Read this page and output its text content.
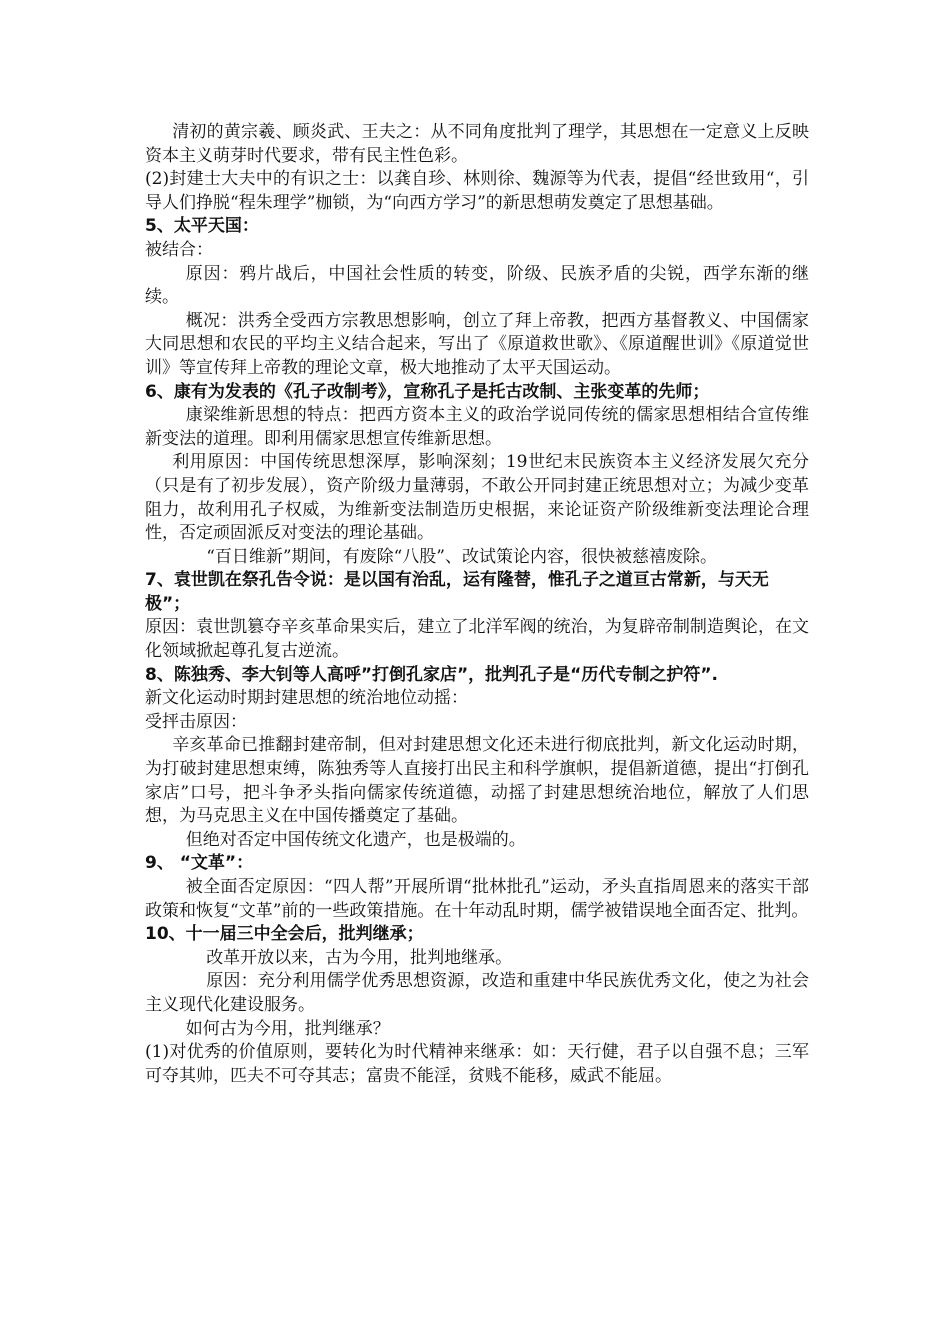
清初的黄宗羲、顾炎武、王夫之：从不同角度批判了理学，其思想在一定意义上反映资本主义萌芽时代要求，带有民主性色彩。

(2)封建士大夫中的有识之士：以龚自珍、林则徐、魏源等为代表，提倡“经世致用“，引导人们挣脱“程朱理学”枷锁，为“向西方学习”的新思想萌发奠定了思想基础。

5、太平天国：

被结合：

原因：鸦片战后，中国社会性质的转变，阶级、民族矛盾的尖锐，西学东渐的继续。

概况：洪秀全受西方宗教思想影响，创立了拜上帝教，把西方基督教义、中国儒家大同思想和农民的平均主义结合起来，写出了《原道救世歌》、《原道醒世训》《原道觉世训》等宣传拜上帝教的理论文章，极大地推动了太平天国运动。

6、康有为发表的《孔子改制考》，宣称孔子是托古改制、主张变革的先师；

康梁维新思想的特点：把西方资本主义的政治学说同传统的儒家思想相结合宣传维新变法的道理。即利用儒家思想宣传维新思想。

利用原因：中国传统思想深厚，影响深刻；19世纪末民族资本主义经济发展欠充分（只是有了初步发展），资产阶级力量薄弱，不敢公开同封建正统思想对立；为减少变革阻力，故利用孔子权威，为维新变法制造历史根据，来论证资产阶级维新变法理论合理性，否定顽固派反对变法的理论基础。

“百日维新”期间，有废除“八股”、改试策论内容，很快被慈禧废除。

7、袁世凯在祭孔告令说：是以国有治乱，运有隆替，惟孔子之道亘古常新，与天无极”；

原因：袁世凯篡夺辛亥革命果实后，建立了北洋军阀的统治，为复辟帝制制造舆论，在文化领域掀起尊孔复古逆流。

8、陈独秀、李大钊等人高呼”打倒孔家店”，批判孔子是“历代专制之护符”.

新文化运动时期封建思想的统治地位动摇：

受抨击原因：

辛亥革命已推翻封建帝制，但对封建思想文化还未进行彻底批判，新文化运动时期，为打破封建思想束缚，陈独秀等人直接打出民主和科学旗帜，提倡新道德，提出“打倒孔家店”口号，把斗争矛头指向儒家传统道德，动摇了封建思想统治地位，解放了人们思想，为马克思主义在中国传播奠定了基础。

但绝对否定中国传统文化遗产，也是极端的。

9、 “文革”：

被全面否定原因：“四人帮”开展所谓“批林批孔”运动，矛头直指周恩来的落实干部政策和恢复“文革”前的一些政策措施。在十年动乱时期，儒学被错误地全面否定、批判。

10、十一届三中全会后，批判继承；

改革开放以来，古为今用，批判地继承。

原因：充分利用儒学优秀思想资源，改造和重建中华民族优秀文化，使之为社会主义现代化建设服务。

如何古为今用，批判继承？

(1)对优秀的价值原则，要转化为时代精神来继承：如：天行健，君子以自强不息；三军可夺其帅，匹夫不可夺其志；富贵不能淫，贫贱不能移，威武不能屈。
